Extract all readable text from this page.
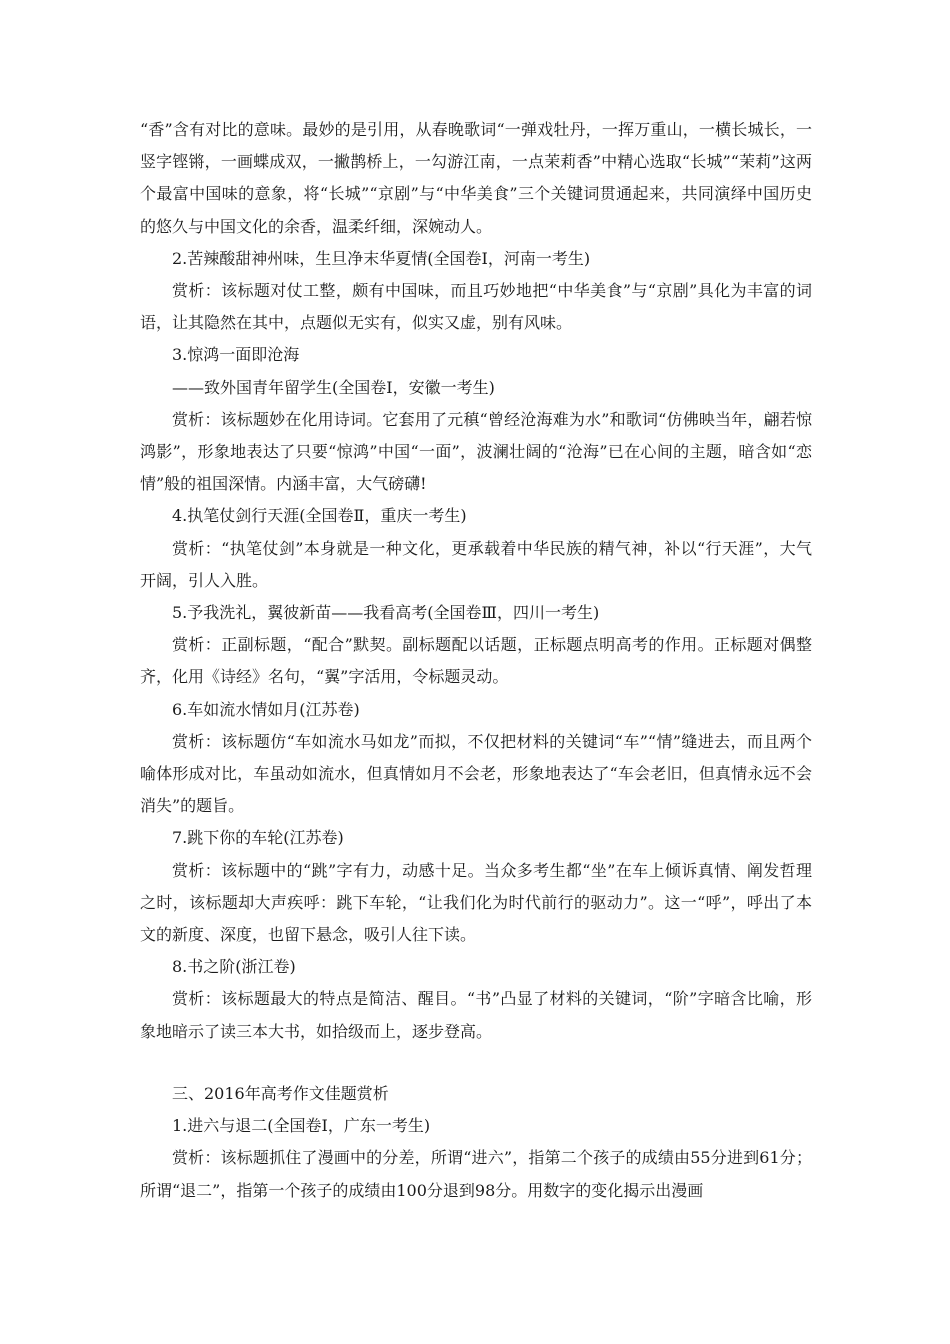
“香”含有对比的意味。最妙的是引用，从春晚歌词“一弹戏牡丹，一挥万重山，一横长城长，一竖字铿锵，一画蝶成双，一撇鹊桥上，一勾游江南，一点茉莉香”中精心选取“长城”“茉莉”这两个最富中国味的意象，将“长城”“京剧”与“中华美食”三个关键词贯通起来，共同演绎中国历史的悠久与中国文化的余香，温柔纤细，深婉动人。

2.苦辣酸甜神州味，生旦净末华夏情(全国卷Ⅰ，河南一考生)

赏析：该标题对仗工整，颇有中国味，而且巧妙地把“中华美食”与“京剧”具化为丰富的词语，让其隐然在其中，点题似无实有，似实又虚，别有风味。

3.惊鸿一面即沧海

——致外国青年留学生(全国卷Ⅰ，安徽一考生)

赏析：该标题妙在化用诗词。它套用了元稹“曾经沧海难为水”和歌词“仿佛映当年，翩若惊鸿影”，形象地表达了只要“惊鸿”中国“一面”，波澜壮阔的“沧海”已在心间的主题，暗含如“恋情”般的祖国深情。内涵丰富，大气磅礴!

4.执笔仗剑行天涯(全国卷Ⅱ，重庆一考生)

赏析：“执笔仗剑”本身就是一种文化，更承载着中华民族的精气神，补以“行天涯”，大气开阔，引人入胜。

5.予我洗礼，翼彼新苗——我看高考(全国卷Ⅲ，四川一考生)

赏析：正副标题，“配合”默契。副标题配以话题，正标题点明高考的作用。正标题对偶整齐，化用《诗经》名句，“翼”字活用，令标题灵动。

6.车如流水情如月(江苏卷)

赏析：该标题仿“车如流水马如龙”而拟，不仅把材料的关键词“车”“情”缝进去，而且两个喻体形成对比，车虽动如流水，但真情如月不会老，形象地表达了“车会老旧，但真情永远不会消失”的题旨。

7.跳下你的车轮(江苏卷)

赏析：该标题中的“跳”字有力，动感十足。当众多考生都“坐”在车上倾诉真情、阐发哲理之时，该标题却大声疾呼：跳下车轮，“让我们化为时代前行的驱动力”。这一“呼”，呼出了本文的新度、深度，也留下悬念，吸引人往下读。

8.书之阶(浙江卷)

赏析：该标题最大的特点是简洁、醒目。“书”凸显了材料的关键词，“阶”字暗含比喻，形象地暗示了读三本大书，如拾级而上，逐步登高。

三、2016年高考作文佳题赏析

1.进六与退二(全国卷Ⅰ，广东一考生)

赏析：该标题抓住了漫画中的分差，所谓“进六”，指第二个孩子的成绩由55分进到61分；所谓“退二”，指第一个孩子的成绩由100分退到98分。用数字的变化揭示出漫画
